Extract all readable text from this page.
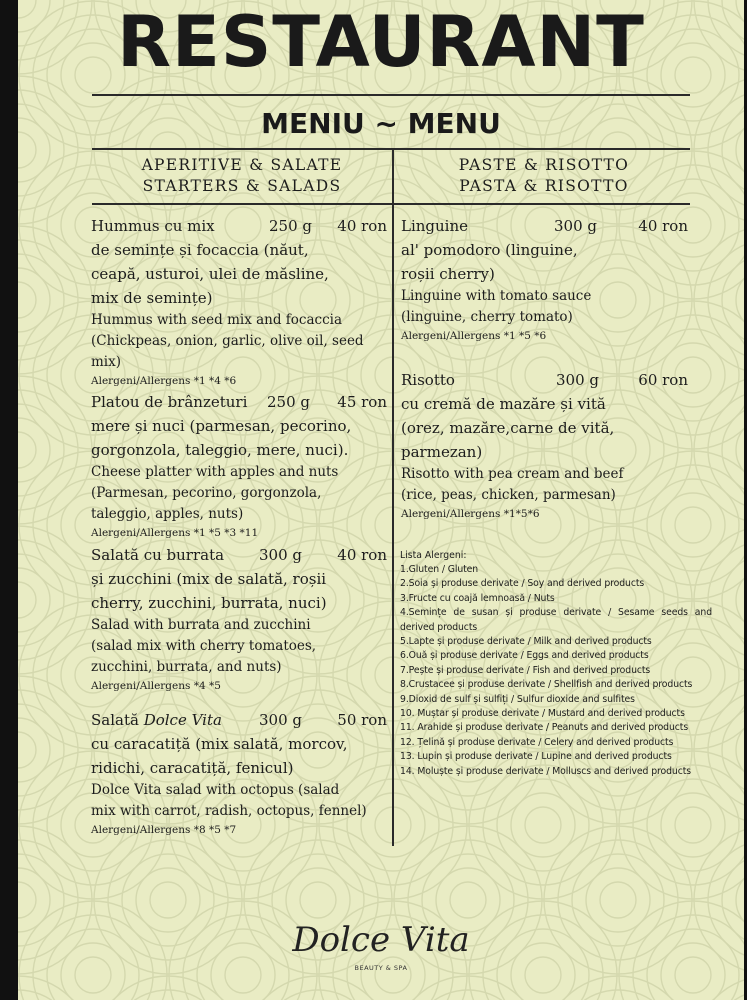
RESTAURANT
MENIU ~ MENU
APERITIVE & SALATE
STARTERS & SALADS
PASTE & RISOTTO
PASTA & RISOTTO
Hummus cu mix	250 g 40 ron
de semințe și focaccia (năut,
ceapă, usturoi, ulei de măsline,
mix de semințe)
Hummus with seed mix and focaccia
(Chickpeas, onion, garlic, olive oil, seed
mix)
Alergeni/Allergens *1 *4 *6
Platou de brânzeturi 250 g 45 ron
mere și nuci (parmesan, pecorino,
gorgonzola, taleggio, mere, nuci).
Cheese platter with apples and nuts
(Parmesan, pecorino, gorgonzola,
taleggio, apples, nuts)
Alergeni/Allergens *1 *5 *3 *11
Salată cu burrata 300 g 40 ron
și zucchini (mix de salată, roșii
cherry, zucchini, burrata, nuci)
Salad with burrata and zucchini
(salad mix with cherry tomatoes,
zucchini, burrata, and nuts)
Alergeni/Allergens *4 *5
Salată Dolce Vita 300 g 50 ron
cu caracatiță (mix salată, morcov,
ridichi, caracatiță, fenicul)
Dolce Vita salad with octopus (salad
mix with carrot, radish, octopus, fennel)
Alergeni/Allergens *8 *5 *7
Linguine	300 g	40 ron
al' pomodoro (linguine,
roșii cherry)
Linguine with tomato sauce
(linguine, cherry tomato)
Alergeni/Allergens *1 *5 *6
Risotto	300 g	60 ron
cu cremă de mazăre și vită
(orez, mazăre,carne de vită,
parmezan)
Risotto with pea cream and beef
(rice, peas, chicken, parmesan)
Alergeni/Allergens *1*5*6
Lista Alergeni:
1.Gluten / Gluten
2.Soia și produse derivate / Soy and derived products
3.Fructe cu coajă lemnoasă / Nuts
4.Semințe de susan și produse derivate / Sesame seeds and derived products
5.Lapte și produse derivate / Milk and derived products
6.Ouă și produse derivate / Eggs and derived products
7.Pește și produse derivate / Fish and derived products
8.Crustacee și produse derivate / Shellfish and derived products
9.Dioxid de sulf și sulfiți / Sulfur dioxide and sulfites
10. Muștar și produse derivate / Mustard and derived products
11. Arahide și produse derivate / Peanuts and derived products
12. Țelină și produse derivate / Celery and derived products
13. Lupin și produse derivate / Lupine and derived products
14. Moluște și produse derivate / Molluscs and derived products
Dolce Vita
BEAUTY & SPA
